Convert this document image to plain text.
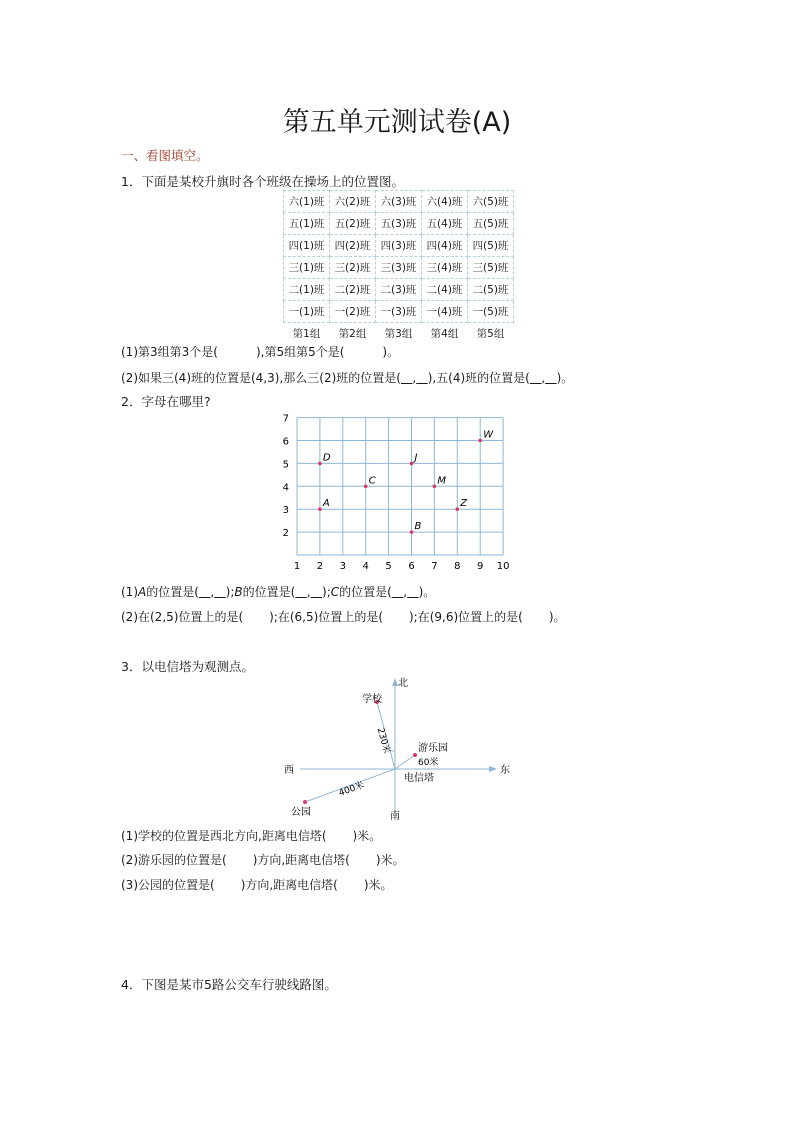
第五单元测试卷(A)
一、看图填空。
1．下面是某校升旗时各个班级在操场上的位置图。
六(1)班	六(2)班	六(3)班	六(4)班	六(5)班
五(1)班	五(2)班	五(3)班	五(4)班	五(5)班
四(1)班	四(2)班	四(3)班	四(4)班	四(5)班
三(1)班	三(2)班	三(3)班	三(4)班	三(5)班
二(1)班	二(2)班	二(3)班	二(4)班	二(5)班
一(1)班	一(2)班	一(3)班	一(4)班	一(5)班
第1组	第2组	第3组	第4组	第5组
(1)第3组第3个是(	),第5组第5个是(	)。
(2)如果三(4)班的位置是(4,3),那么三(2)班的位置是( , ),五(4)班的位置是( , )。
2．字母在哪里?
1 2 3 4 5 6 7 8 9 10
2
3
4
5
6
7
D
A
C
J
B
M
Z
W
(1)A的位置是( , );B的位置是( , );C的位置是( , )。
(2)在(2,5)位置上的是( );在(6,5)位置上的是( );在(9,6)位置上的是( )。
3．以电信塔为观测点。
北
南
西	东
学校
230米	游乐园
60米
电信塔
公园
400米
(1)学校的位置是西北方向,距离电信塔( )米。
(2)游乐园的位置是( )方向,距离电信塔( )米。
(3)公园的位置是( )方向,距离电信塔( )米。
4．下图是某市5路公交车行驶线路图。
